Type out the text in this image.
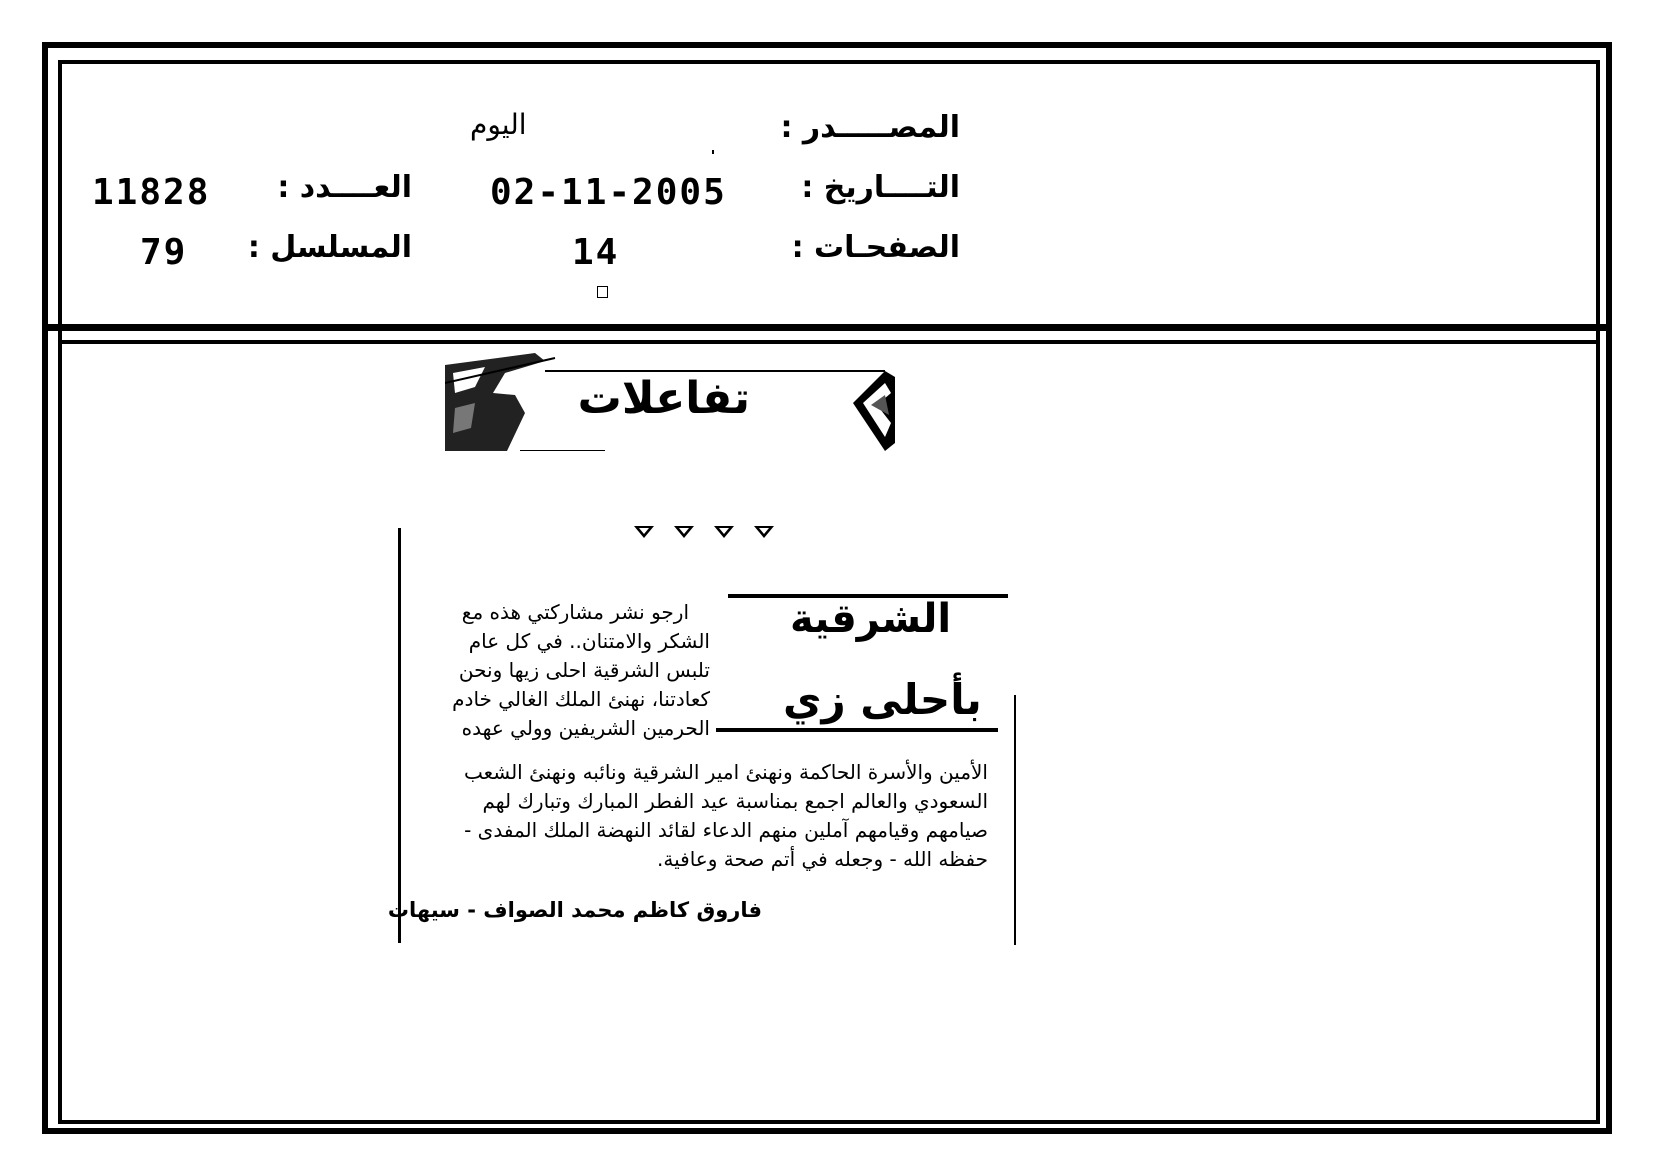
المصـــــدر :
اليوم
التــــاريخ :
02-11-2005
العــــدد :
11828
الصفحـات :
14
المسلسل :
79
تفاعلات
الشرقية
بأحلى زي
ارجو نشر مشاركتي هذه مع
الشكر والامتنان.. في كل عام
تلبس الشرقية احلى زيها ونحن
كعادتنا، نهنئ الملك الغالي خادم
الحرمين الشريفين وولي عهده
الأمين والأسرة الحاكمة ونهنئ امير الشرقية ونائبه ونهنئ الشعب
السعودي والعالم اجمع بمناسبة عيد الفطر المبارك وتبارك لهم
صيامهم وقيامهم آملين منهم الدعاء لقائد النهضة الملك المفدى -
حفظه الله - وجعله في أتم صحة وعافية.
فاروق كاظم محمد الصواف - سيهات
